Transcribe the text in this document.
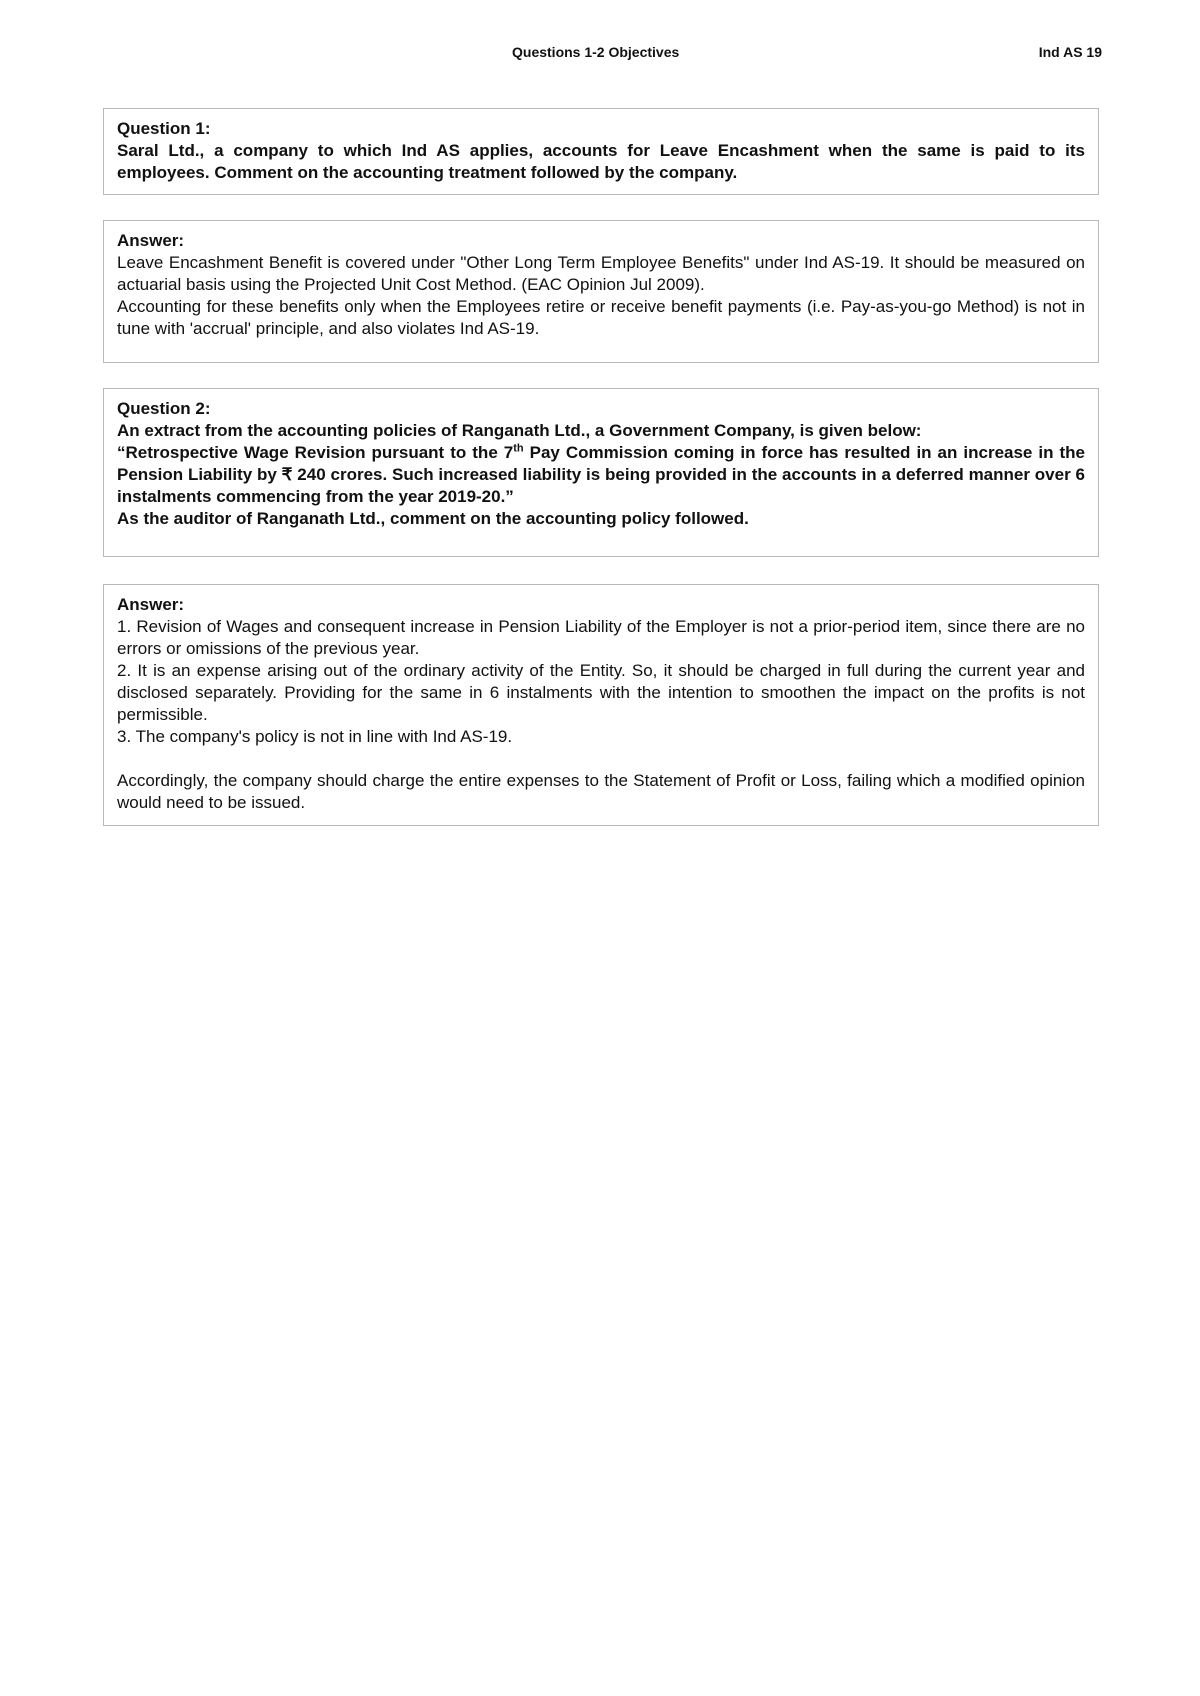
Questions 1-2 Objectives	Ind AS 19

Question 1:

Saral Ltd., a company to which Ind AS applies, accounts for Leave Encashment when the same is paid to its employees. Comment on the accounting treatment followed by the company.

Answer:

Leave Encashment Benefit is covered under "Other Long Term Employee Benefits" under Ind AS-19. It should be measured on actuarial basis using the Projected Unit Cost Method. (EAC Opinion Jul 2009).

Accounting for these benefits only when the Employees retire or receive benefit payments (i.e. Pay-as-you-go Method) is not in tune with 'accrual' principle, and also violates Ind AS-19.

Question 2:

An extract from the accounting policies of Ranganath Ltd., a Government Company, is given below:

“Retrospective Wage Revision pursuant to the 7th Pay Commission coming in force has resulted in an increase in the Pension Liability by ₹ 240 crores. Such increased liability is being provided in the accounts in a deferred manner over 6 instalments commencing from the year 2019-20.”

As the auditor of Ranganath Ltd., comment on the accounting policy followed.

Answer:

1. Revision of Wages and consequent increase in Pension Liability of the Employer is not a prior-period item, since there are no errors or omissions of the previous year.

2. It is an expense arising out of the ordinary activity of the Entity. So, it should be charged in full during the current year and disclosed separately. Providing for the same in 6 instalments with the intention to smoothen the impact on the profits is not permissible.

3. The company's policy is not in line with Ind AS-19.

Accordingly, the company should charge the entire expenses to the Statement of Profit or Loss, failing which a modified opinion would need to be issued.
